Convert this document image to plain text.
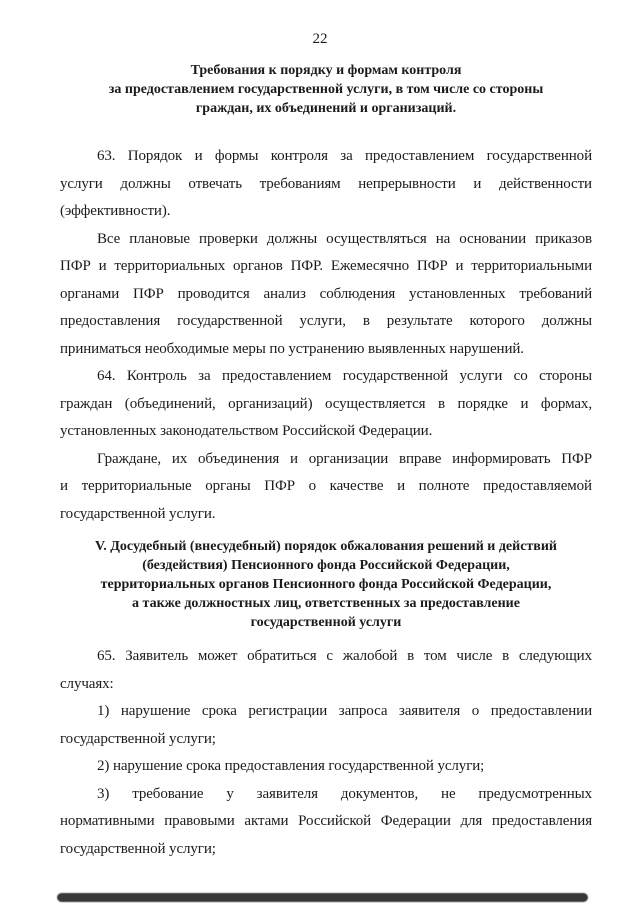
22
Требования к порядку и формам контроля
за предоставлением государственной услуги, в том числе со стороны
граждан, их объединений и организаций.
63. Порядок и формы контроля за предоставлением государственной
услуги должны отвечать требованиям непрерывности и действенности
(эффективности).
Все плановые проверки должны осуществляться на основании приказов
ПФР и территориальных органов ПФР. Ежемесячно ПФР и территориальными
органами ПФР проводится анализ соблюдения установленных требований
предоставления государственной услуги, в результате которого должны
приниматься необходимые меры по устранению выявленных нарушений.
64. Контроль за предоставлением государственной услуги со стороны
граждан (объединений, организаций) осуществляется в порядке и формах,
установленных законодательством Российской Федерации.
Граждане, их объединения и организации вправе информировать ПФР
и территориальные органы ПФР о качестве и полноте предоставляемой
государственной услуги.
V. Досудебный (внесудебный) порядок обжалования решений и действий
(бездействия) Пенсионного фонда Российской Федерации,
территориальных органов Пенсионного фонда Российской Федерации,
а также должностных лиц, ответственных за предоставление
государственной услуги
65. Заявитель может обратиться с жалобой в том числе в следующих
случаях:
1) нарушение срока регистрации запроса заявителя о предоставлении
государственной услуги;
2) нарушение срока предоставления государственной услуги;
3) требование у заявителя документов, не предусмотренных
нормативными правовыми актами Российской Федерации для предоставления
государственной услуги;
